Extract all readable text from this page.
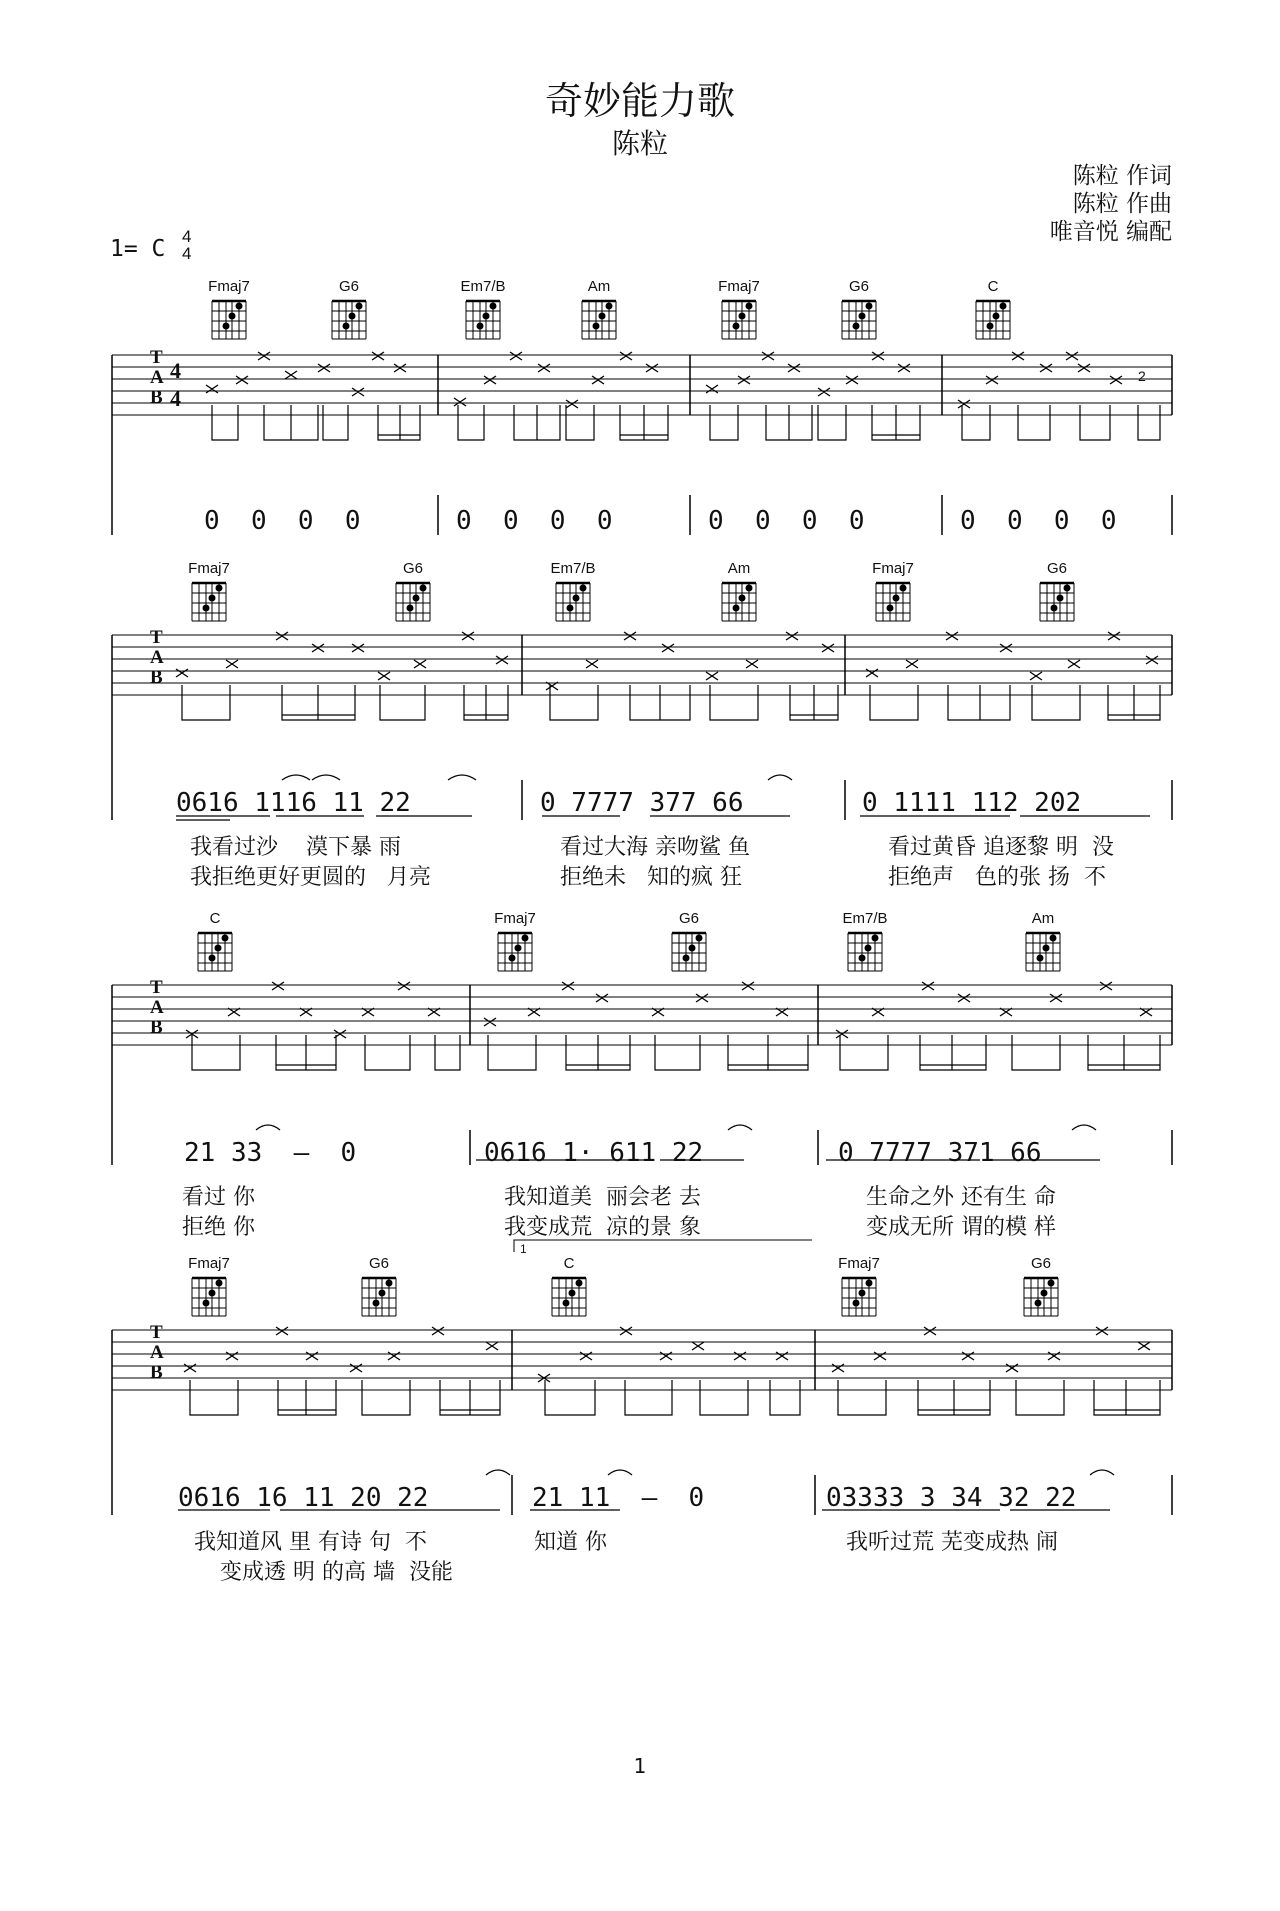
奇妙能力歌
陈粒
陈粒 作词
陈粒 作曲
唯音悦 编配
1= C 4
4
T
A
B
4
4
T
A
B
T
A
B
T
A
B
2
1
Fmaj7	G6	Em7/B	Am	Fmaj7	G6	C
0  0  0  0	0  0  0  0	0  0  0  0	0  0  0  0
Fmaj7	G6	Em7/B	Am	Fmaj7	G6
0616 1116 11 22	0 7777 377 66	0 1111 112 202
我看过沙    漠下暴 雨	看过大海 亲吻鲨 鱼	看过黄昏 追逐黎 明  没
我拒绝更好更圆的   月亮	拒绝未   知的疯 狂	拒绝声   色的张 扬  不
C	Fmaj7	G6	Em7/B	Am
21 33  –  0	0616 1· 611 22	0 7777 371 66
看过 你	我知道美  丽会老 去	生命之外 还有生 命
拒绝 你	我变成荒  凉的景 象	变成无所 谓的模 样
Fmaj7	G6	C	Fmaj7	G6
0616 16 11 20 22	21 11  –  0	03333 3 34 32 22
我知道风 里 有诗 句  不	知道 你	我听过荒 芜变成热 闹
变成透 明 的高 墙  没能
1
